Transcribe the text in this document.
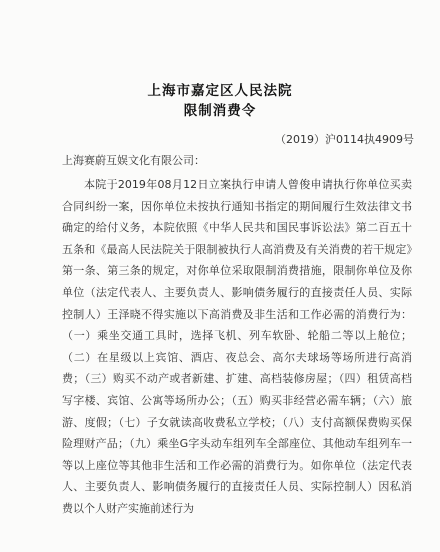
上海市嘉定区人民法院
限制消费令
（2019）沪0114执4909号
上海赛蔚互娱文化有限公司：
本院于2019年08月12日立案执行申请人曾俊申请执行你单位买卖合同纠纷一案，因你单位未按执行通知书指定的期间履行生效法律文书确定的给付义务，本院依照《中华人民共和国民事诉讼法》第二百五十五条和《最高人民法院关于限制被执行人高消费及有关消费的若干规定》第一条、第三条的规定，对你单位采取限制消费措施，限制你单位及你单位（法定代表人、主要负责人、影响债务履行的直接责任人员、实际控制人）王泽晓不得实施以下高消费及非生活和工作必需的消费行为：（一）乘坐交通工具时，选择飞机、列车软卧、轮船二等以上舱位；（二）在星级以上宾馆、酒店、夜总会、高尔夫球场等场所进行高消费；（三）购买不动产或者新建、扩建、高档装修房屋；（四）租赁高档写字楼、宾馆、公寓等场所办公；（五）购买非经营必需车辆；（六）旅游、度假；（七）子女就读高收费私立学校；（八）支付高额保费购买保险理财产品；（九）乘坐G字头动车组列车全部座位、其他动车组列车一等以上座位等其他非生活和工作必需的消费行为。如你单位（法定代表人、主要负责人、影响债务履行的直接责任人员、实际控制人）因私消费以个人财产实施前述行为
